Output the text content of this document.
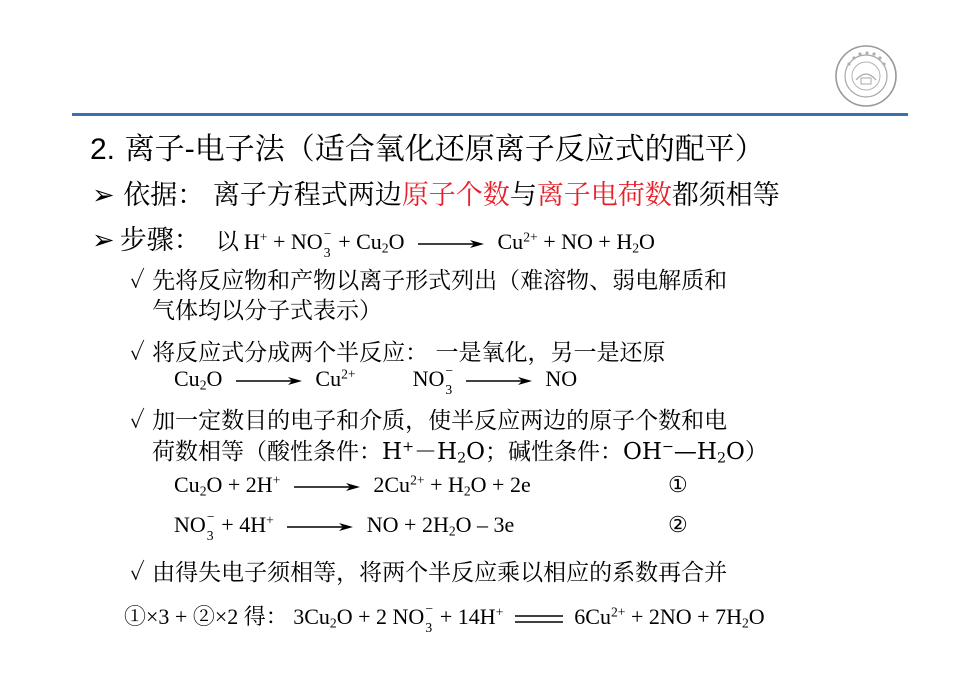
2. 离子-电子法（适合氧化还原离子反应式的配平）
➢ 依据： 离子方程式两边原子个数与离子电荷数都须相等
➢ 步骤： 以 H+ + NO −
$3 + Cu_2O \to Cu^{2+}$ + NO + $H_2O$
✓ 先将反应物和产物以离子形式列出（难溶物、弱电解质和
气体均以分子式表示）
✓ 将反应式分成两个半反应： 一是氧化，另一是还原
$Cu_2O \to Cu^{2+}$	NO −
3 → NO
✓ 加一定数目的电子和介质，使半反应两边的原子个数和电
荷数相等（酸性条件：$H^+-H_2O$；碱性条件：$OH^-—H_2O$）
$Cu_2O + 2H^+ \to 2Cu^{2+} + H_2O + 2e$	①
NO −
3 + 4H+ → NO + $2H_2O - 3e$	②
✓ 由得失电子须相等，将两个半反应乘以相应的系数再合并
①×3 + ②×2 得： $3Cu_2O + 2$ NO −
3 + 14H+	$6Cu^{2+} + 2NO + 7H_2O$
